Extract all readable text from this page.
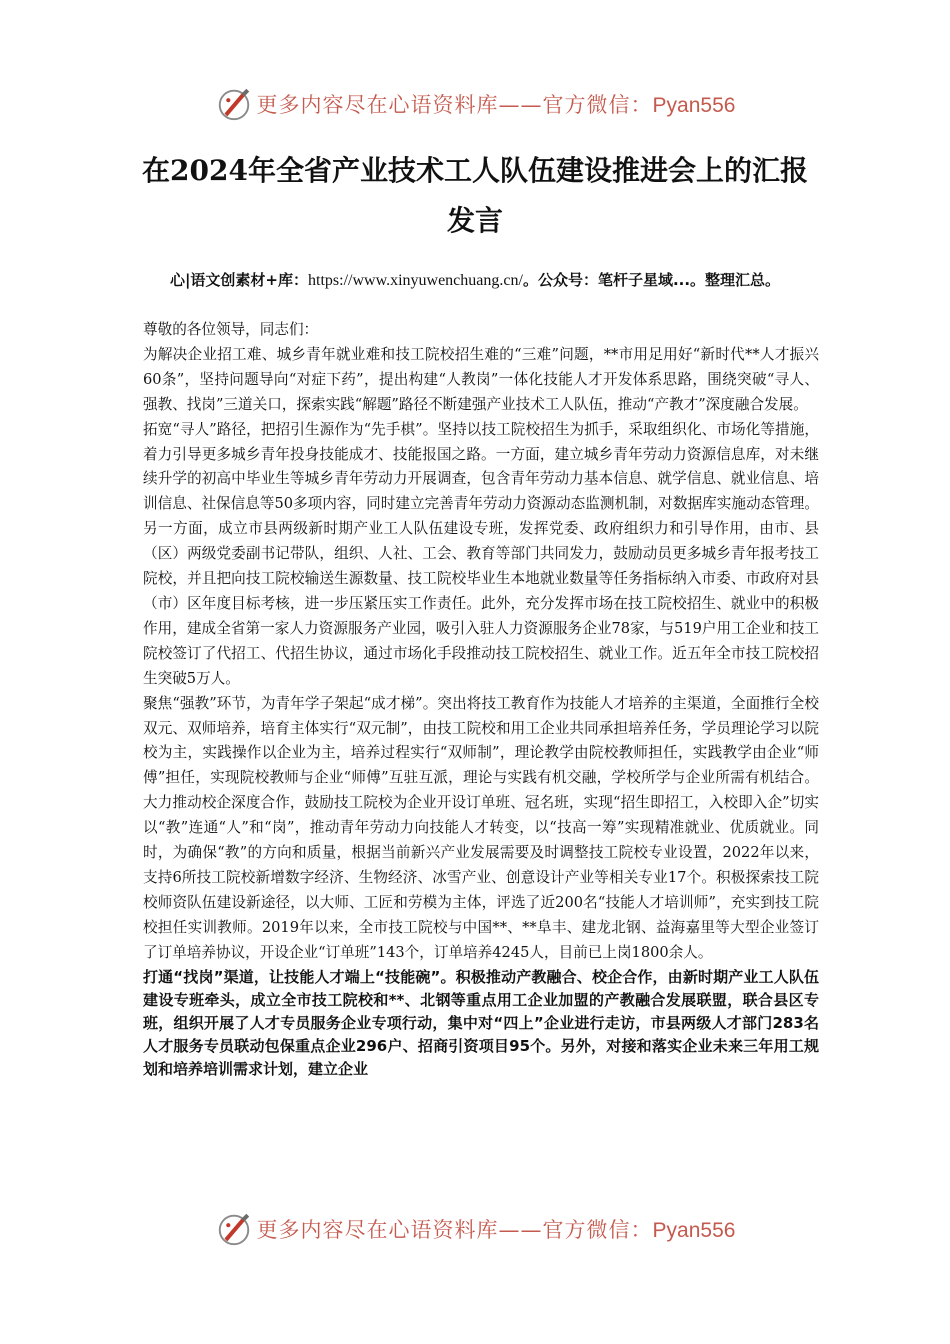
更多内容尽在心语资料库——官方微信：Pyan556
在2024年全省产业技术工人队伍建设推进会上的汇报发言
心|语文创素材+库：https://www.xinyuwenchuang.cn/。公众号：笔杆子星域...。整理汇总。

尊敬的各位领导，同志们：

为解决企业招工难、城乡青年就业难和技工院校招生难的“三难”问题，**市用足用好“新时代**人才振兴60条”，坚持问题导向“对症下药”，提出构建“人教岗”一体化技能人才开发体系思路，围绕突破“寻人、强教、找岗”三道关口，探索实践“解题”路径不断建强产业技术工人队伍，推动“产教才”深度融合发展。

拓宽“寻人”路径，把招引生源作为“先手棋”。坚持以技工院校招生为抓手，采取组织化、市场化等措施，着力引导更多城乡青年投身技能成才、技能报国之路。一方面，建立城乡青年劳动力资源信息库，对未继续升学的初高中毕业生等城乡青年劳动力开展调查，包含青年劳动力基本信息、就学信息、就业信息、培训信息、社保信息等50多项内容，同时建立完善青年劳动力资源动态监测机制，对数据库实施动态管理。另一方面，成立市县两级新时期产业工人队伍建设专班，发挥党委、政府组织力和引导作用，由市、县（区）两级党委副书记带队，组织、人社、工会、教育等部门共同发力，鼓励动员更多城乡青年报考技工院校，并且把向技工院校输送生源数量、技工院校毕业生本地就业数量等任务指标纳入市委、市政府对县（市）区年度目标考核，进一步压紧压实工作责任。此外，充分发挥市场在技工院校招生、就业中的积极作用，建成全省第一家人力资源服务产业园，吸引入驻人力资源服务企业78家，与519户用工企业和技工院校签订了代招工、代招生协议，通过市场化手段推动技工院校招生、就业工作。近五年全市技工院校招生突破5万人。

聚焦“强教”环节，为青年学子架起“成才梯”。突出将技工教育作为技能人才培养的主渠道，全面推行全校双元、双师培养，培育主体实行“双元制”，由技工院校和用工企业共同承担培养任务，学员理论学习以院校为主，实践操作以企业为主，培养过程实行“双师制”，理论教学由院校教师担任，实践教学由企业“师傅”担任，实现院校教师与企业“师傅”互驻互派，理论与实践有机交融，学校所学与企业所需有机结合。大力推动校企深度合作，鼓励技工院校为企业开设订单班、冠名班，实现“招生即招工，入校即入企”切实以“教”连通“人”和“岗”，推动青年劳动力向技能人才转变，以“技高一筹”实现精准就业、优质就业。同时，为确保“教”的方向和质量，根据当前新兴产业发展需要及时调整技工院校专业设置，2022年以来，支持6所技工院校新增数字经济、生物经济、冰雪产业、创意设计产业等相关专业17个。积极探索技工院校师资队伍建设新途径，以大师、工匠和劳模为主体，评选了近200名“技能人才培训师”，充实到技工院校担任实训教师。2019年以来，全市技工院校与中国**、**阜丰、建龙北钢、益海嘉里等大型企业签订了订单培养协议，开设企业“订单班”143个，订单培养4245人，目前已上岗1800余人。

打通“找岗”渠道，让技能人才端上“技能碗”。积极推动产教融合、校企合作，由新时期产业工人队伍建设专班牵头，成立全市技工院校和**、北钢等重点用工企业加盟的产教融合发展联盟，联合县区专班，组织开展了人才专员服务企业专项行动，集中对“四上”企业进行走访，市县两级人才部门283名人才服务专员联动包保重点企业296户、招商引资项目95个。另外，对接和落实企业未来三年用工规划和培养培训需求计划，建立企业

更多内容尽在心语资料库——官方微信：Pyan556
